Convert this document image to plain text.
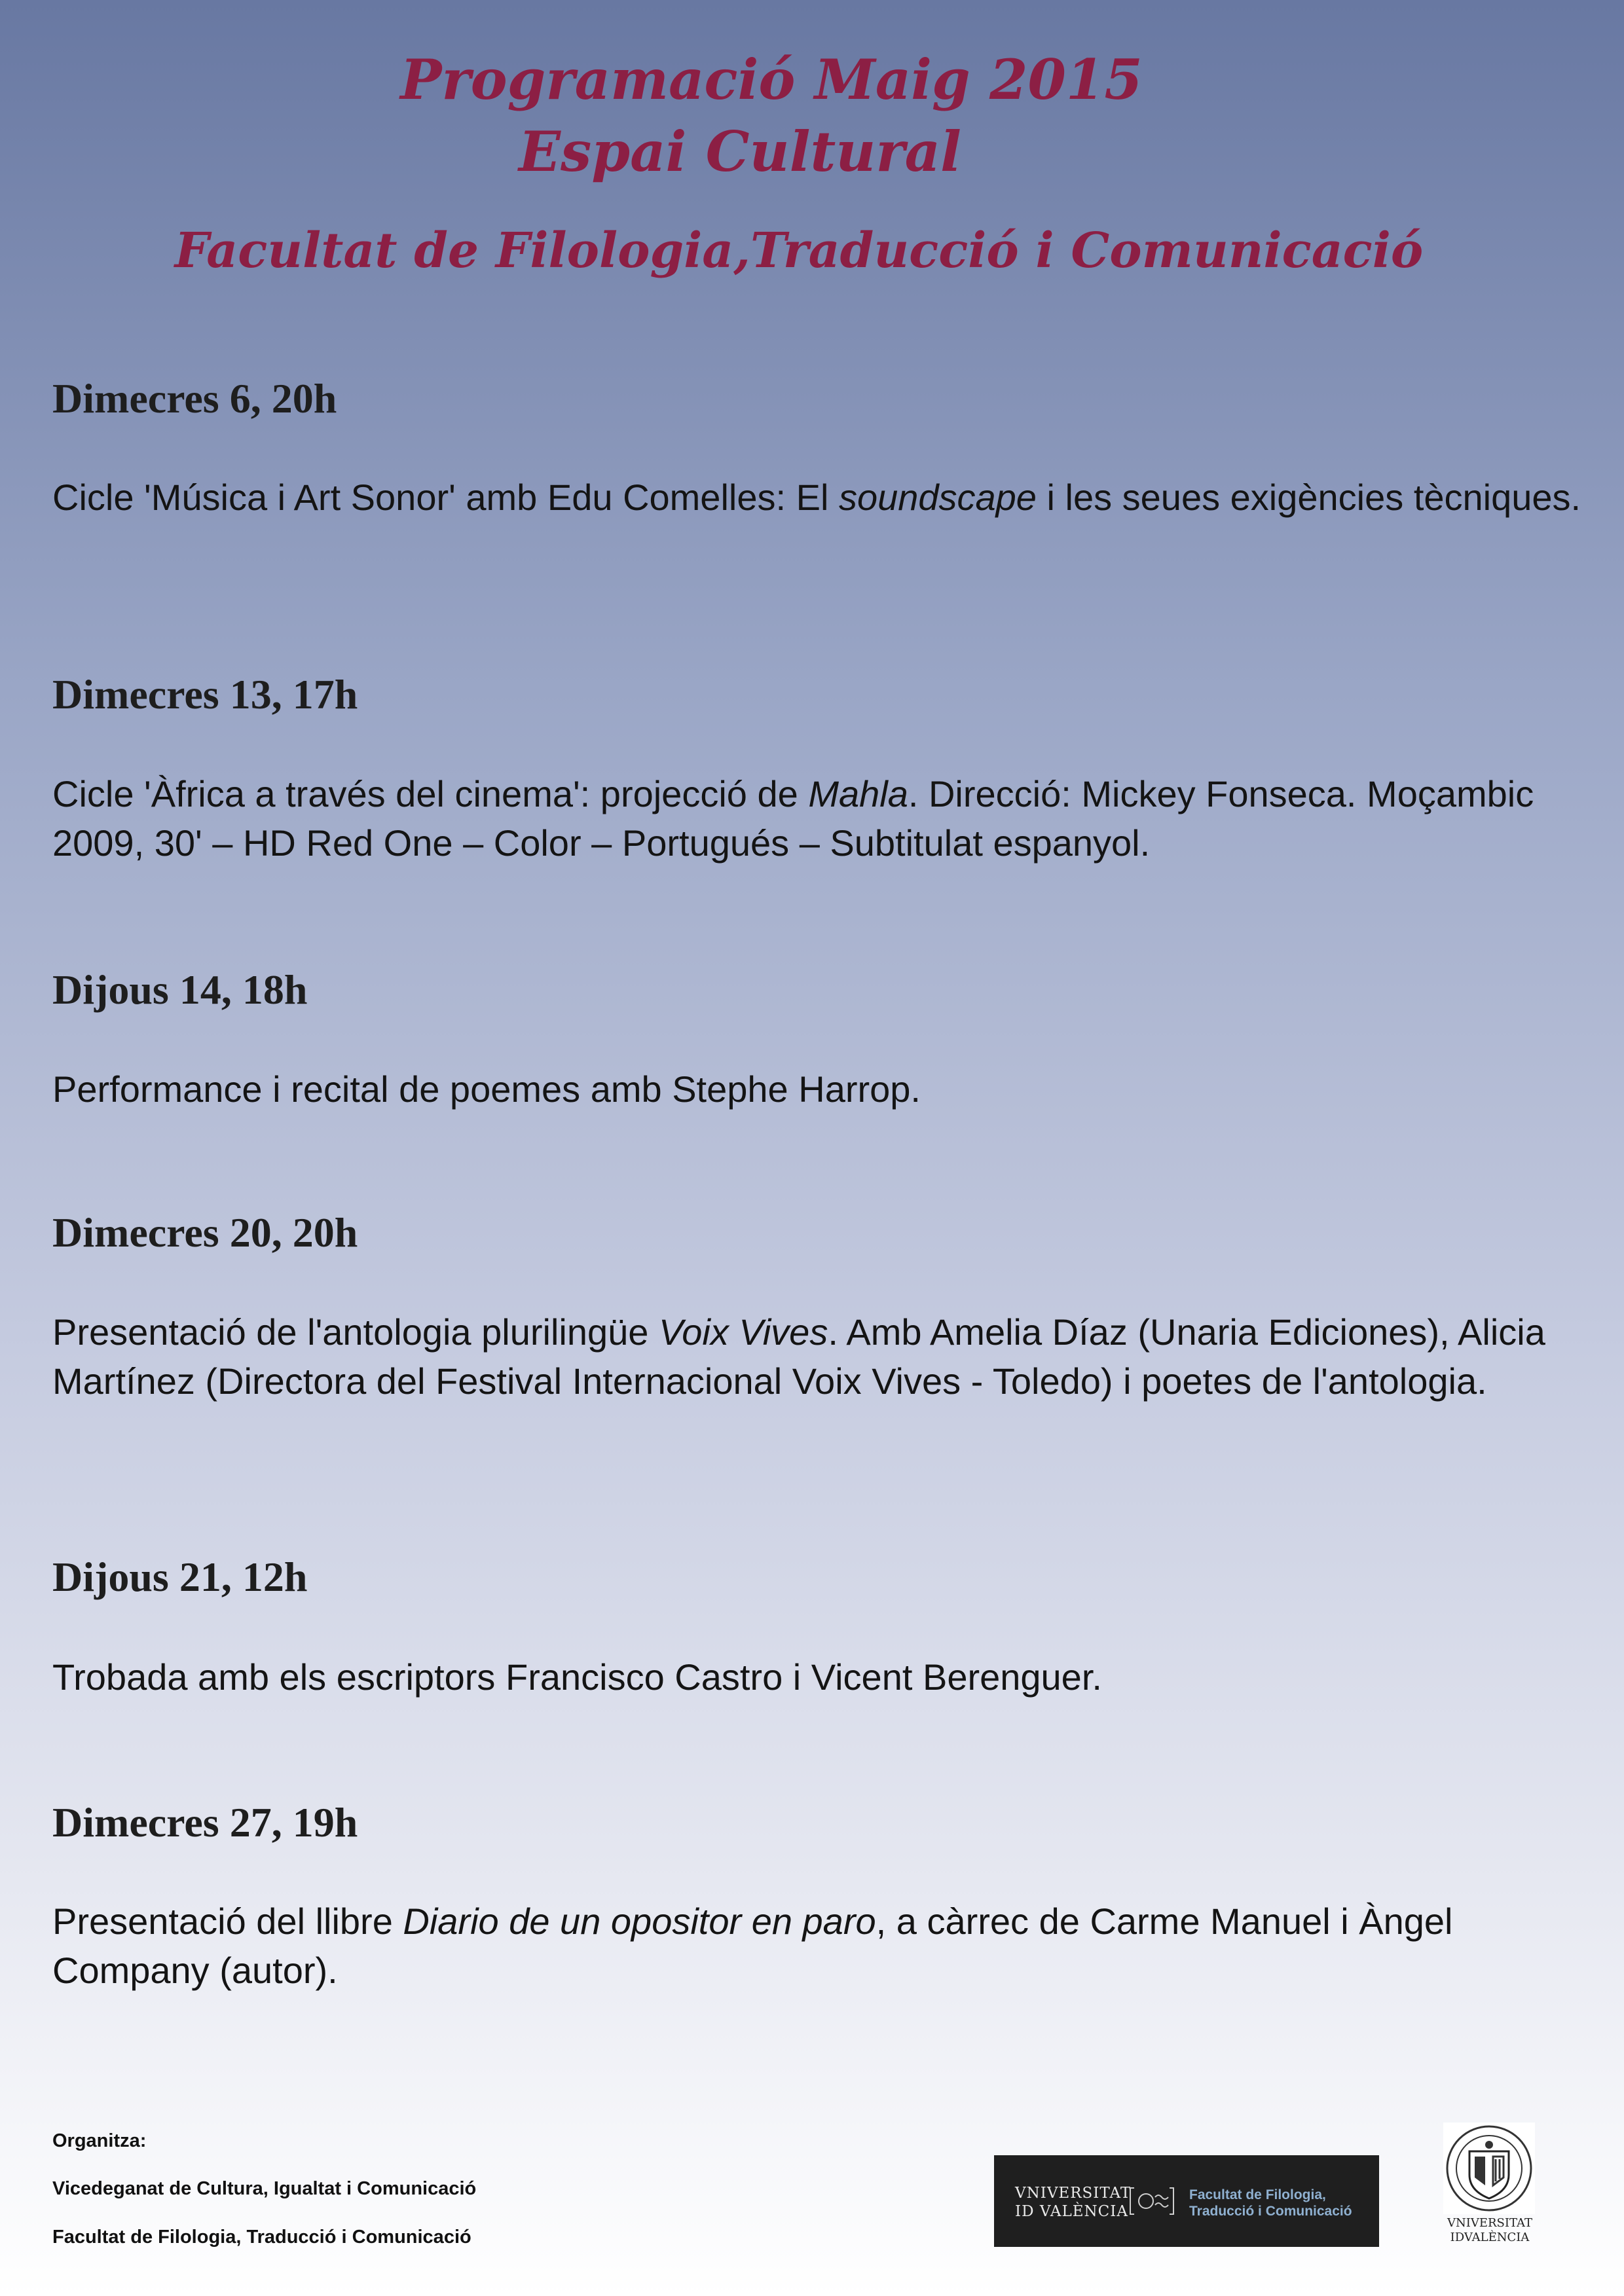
Programació Maig 2015
Espai Cultural
Facultat de Filologia,Traducció i Comunicació
Dimecres 6, 20h
Cicle 'Música i Art Sonor' amb Edu Comelles: El soundscape i les seues exigències tècniques.
Dimecres 13, 17h
Cicle 'Àfrica a través del cinema': projecció de Mahla. Direcció: Mickey Fonseca. Moçambic 2009, 30' – HD Red One – Color – Portugués – Subtitulat espanyol.
Dijous 14, 18h
Performance i recital de poemes amb Stephe Harrop.
Dimecres 20, 20h
Presentació de l'antologia plurilingüe Voix Vives. Amb Amelia Díaz (Unaria Ediciones), Alicia Martínez (Directora del Festival Internacional Voix Vives - Toledo) i poetes de l'antologia.
Dijous 21, 12h
Trobada amb els escriptors Francisco Castro i Vicent Berenguer.
Dimecres 27, 19h
Presentació del llibre Diario de un opositor en paro, a càrrec de Carme Manuel i Àngel Company (autor).
Organitza:
Vicedeganat de Cultura, Igualtat i Comunicació
Facultat de Filologia, Traducció i Comunicació
VNIVERSITAT
ID VALÈNCIA
Facultat de Filologia,
Traducció i Comunicació
VNIVERSITAT
IDVALÈNCIA
